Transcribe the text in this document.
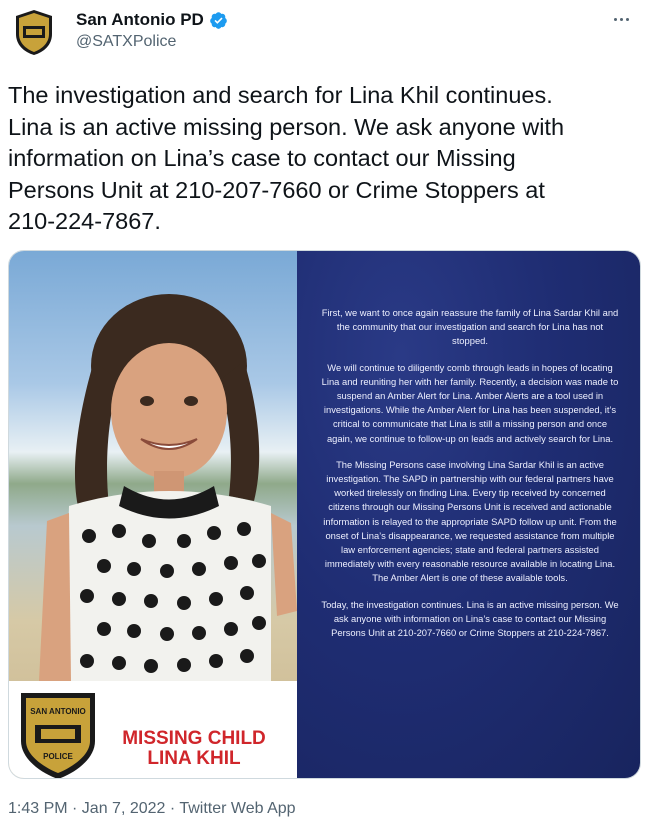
San Antonio PD
@SATXPolice
The investigation and search for Lina Khil continues.
Lina is an active missing person. We ask anyone with
information on Lina’s case to contact our Missing
Persons Unit at 210-207-7660 or Crime Stoppers at
210-224-7867.
SAN ANTONIO
POLICE
MISSING CHILD
LINA KHIL

First, we want to once again reassure the family of Lina Sardar Khil and the community that our investigation and search for Lina has not stopped.

We will continue to diligently comb through leads in hopes of locating Lina and reuniting her with her family. Recently, a decision was made to suspend an Amber Alert for Lina. Amber Alerts are a tool used in investigations. While the Amber Alert for Lina has been suspended, it’s critical to communicate that Lina is still a missing person and once again, we continue to follow-up on leads and actively search for Lina.

The Missing Persons case involving Lina Sardar Khil is an active investigation. The SAPD in partnership with our federal partners have worked tirelessly on finding Lina. Every tip received by concerned citizens through our Missing Persons Unit is received and actionable information is relayed to the appropriate SAPD follow up unit. From the onset of Lina’s disappearance, we requested assistance from multiple law enforcement agencies; state and federal partners assisted immediately with every reasonable resource available in locating Lina. The Amber Alert is one of these available tools.

Today, the investigation continues. Lina is an active missing person. We ask anyone with information on Lina’s case to contact our Missing Persons Unit at 210-207-7660 or Crime Stoppers at 210-224-7867.

1:43 PM · Jan 7, 2022 · Twitter Web App
